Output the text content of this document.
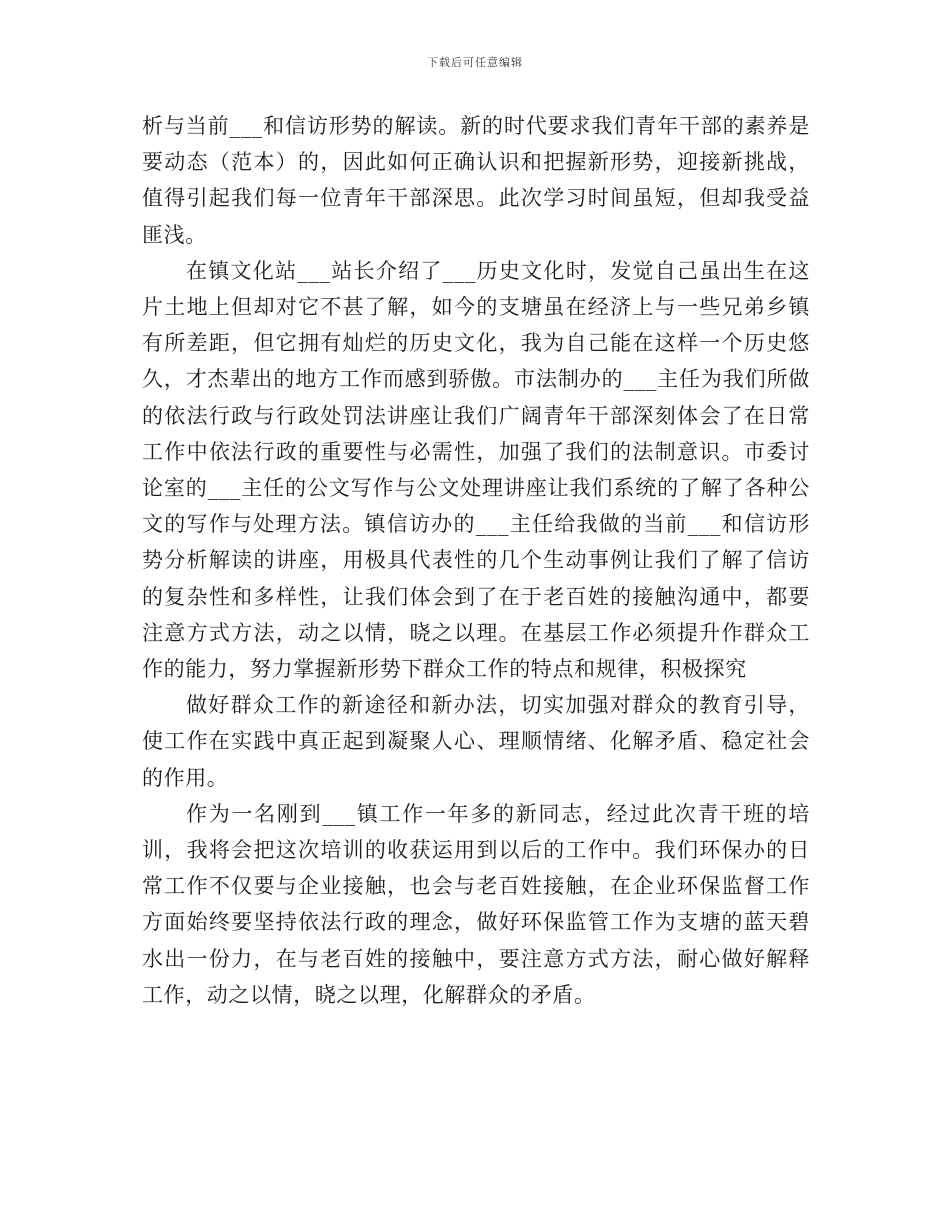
下载后可任意编辑

析与当前___和信访形势的解读。新的时代要求我们青年干部的素养是要动态（范本）的，因此如何正确认识和把握新形势，迎接新挑战，值得引起我们每一位青年干部深思。此次学习时间虽短，但却我受益匪浅。

在镇文化站___站长介绍了___历史文化时，发觉自己虽出生在这片土地上但却对它不甚了解，如今的支塘虽在经济上与一些兄弟乡镇有所差距，但它拥有灿烂的历史文化，我为自己能在这样一个历史悠久，才杰辈出的地方工作而感到骄傲。市法制办的___主任为我们所做的依法行政与行政处罚法讲座让我们广阔青年干部深刻体会了在日常工作中依法行政的重要性与必需性，加强了我们的法制意识。市委讨论室的___主任的公文写作与公文处理讲座让我们系统的了解了各种公文的写作与处理方法。镇信访办的___主任给我做的当前___和信访形势分析解读的讲座，用极具代表性的几个生动事例让我们了解了信访的复杂性和多样性，让我们体会到了在于老百姓的接触沟通中，都要注意方式方法，动之以情，晓之以理。在基层工作必须提升作群众工作的能力，努力掌握新形势下群众工作的特点和规律，积极探究

做好群众工作的新途径和新办法，切实加强对群众的教育引导，使工作在实践中真正起到凝聚人心、理顺情绪、化解矛盾、稳定社会的作用。

作为一名刚到___镇工作一年多的新同志，经过此次青干班的培训，我将会把这次培训的收获运用到以后的工作中。我们环保办的日常工作不仅要与企业接触，也会与老百姓接触，在企业环保监督工作方面始终要坚持依法行政的理念，做好环保监管工作为支塘的蓝天碧水出一份力，在与老百姓的接触中，要注意方式方法，耐心做好解释工作，动之以情，晓之以理，化解群众的矛盾。
